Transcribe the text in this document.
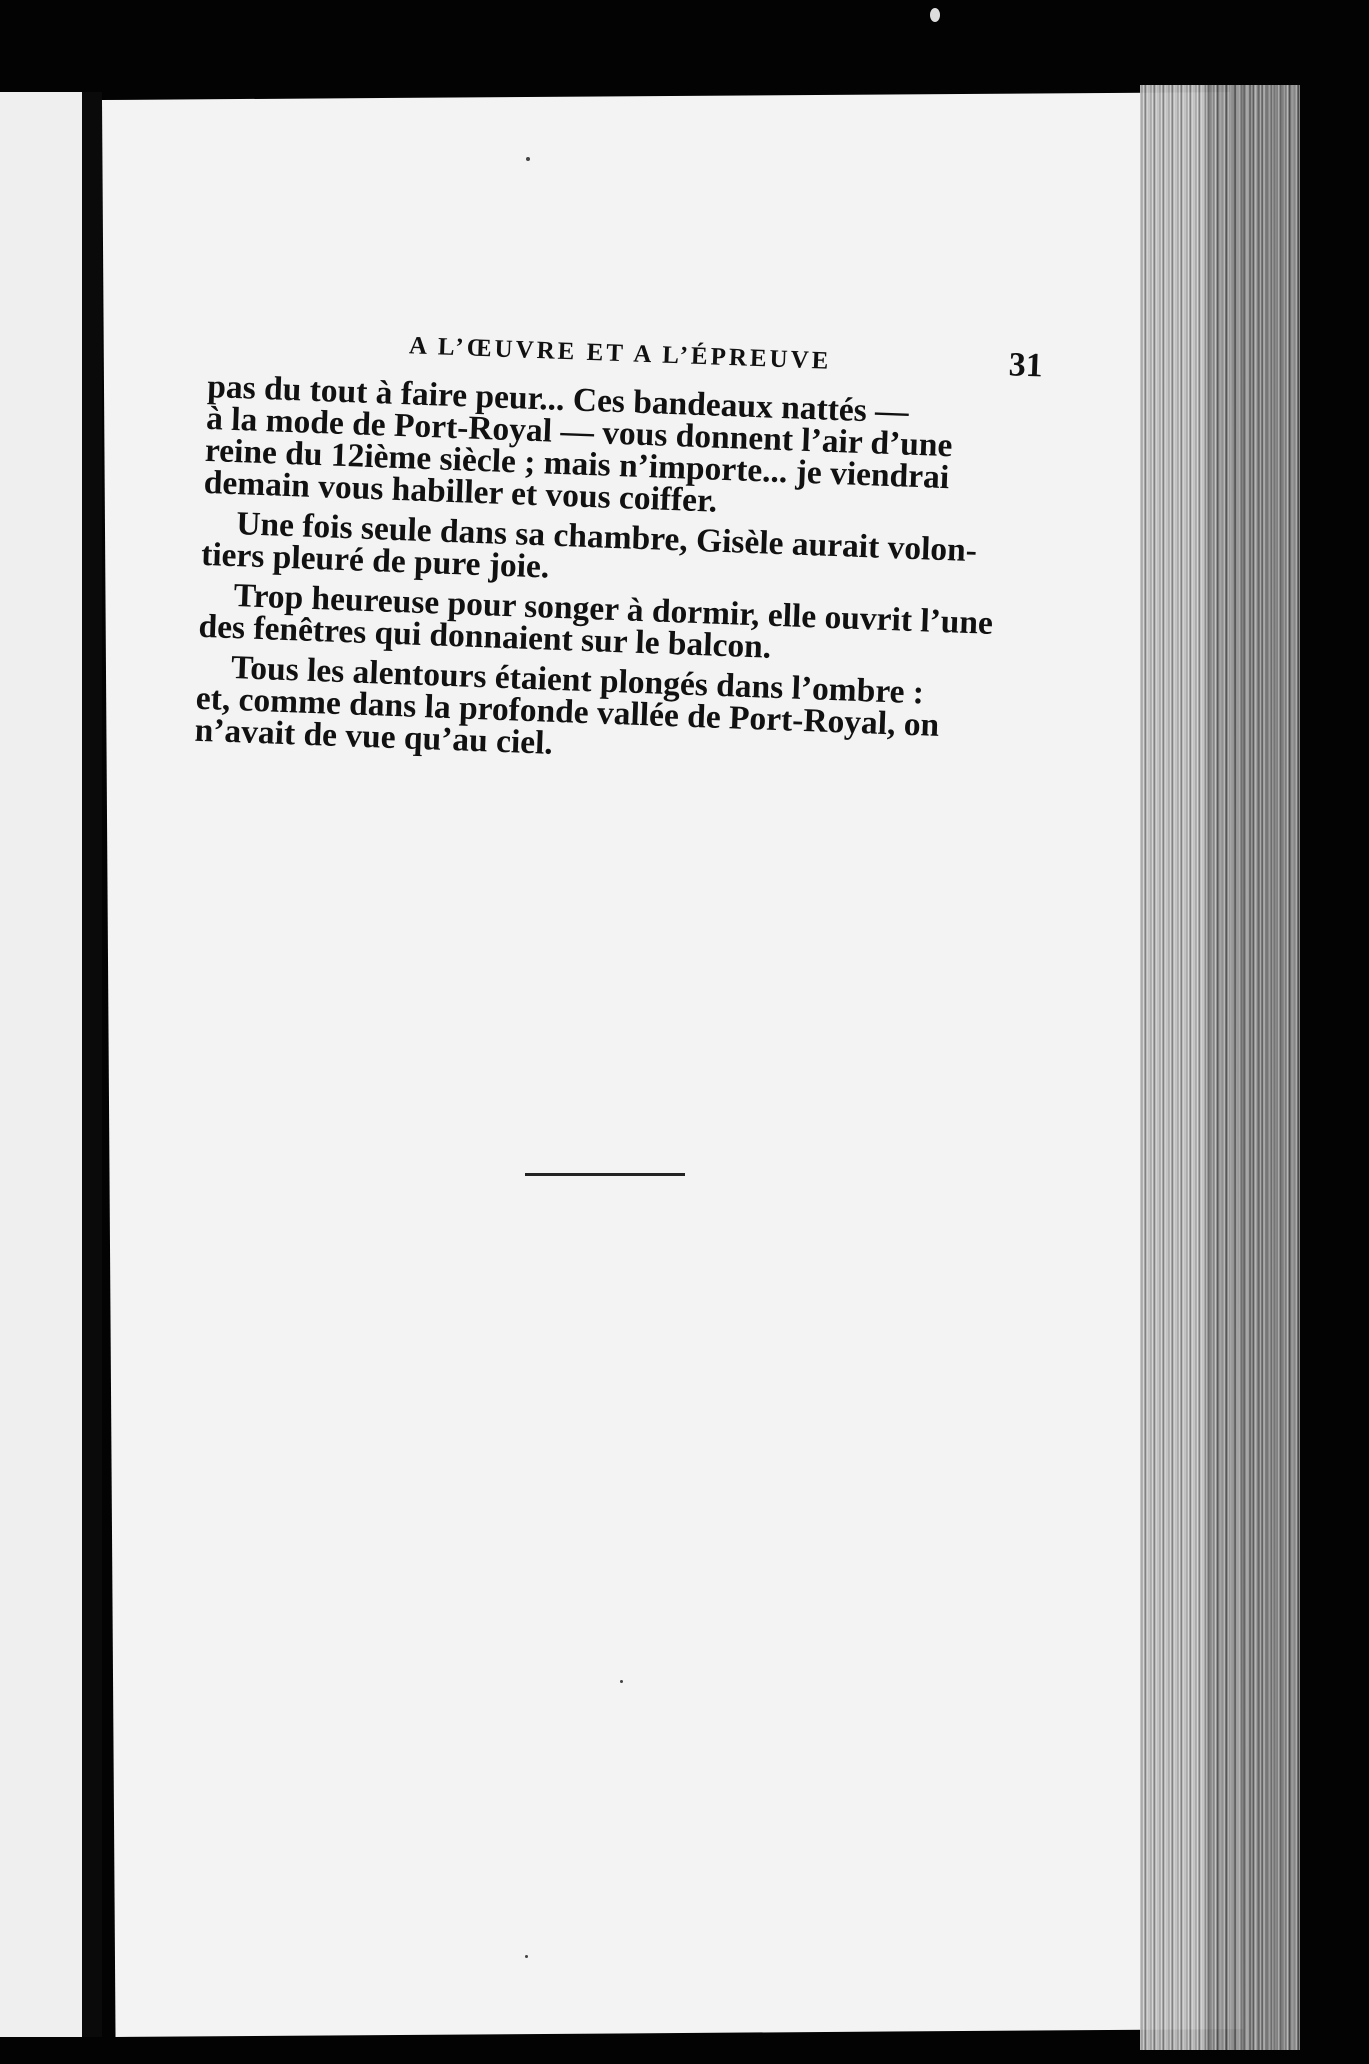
A L’ŒUVRE ET A L’ÉPREUVE	31

pas du tout à faire peur... Ces bandeaux nattés —
à la mode de Port-Royal — vous donnent l’air d’une
reine du 12ième siècle ; mais n’importe... je viendrai
demain vous habiller et vous coiffer.

Une fois seule dans sa chambre, Gisèle aurait volon-
tiers pleuré de pure joie.

Trop heureuse pour songer à dormir, elle ouvrit l’une
des fenêtres qui donnaient sur le balcon.

Tous les alentours étaient plongés dans l’ombre :
et, comme dans la profonde vallée de Port-Royal, on
n’avait de vue qu’au ciel.
